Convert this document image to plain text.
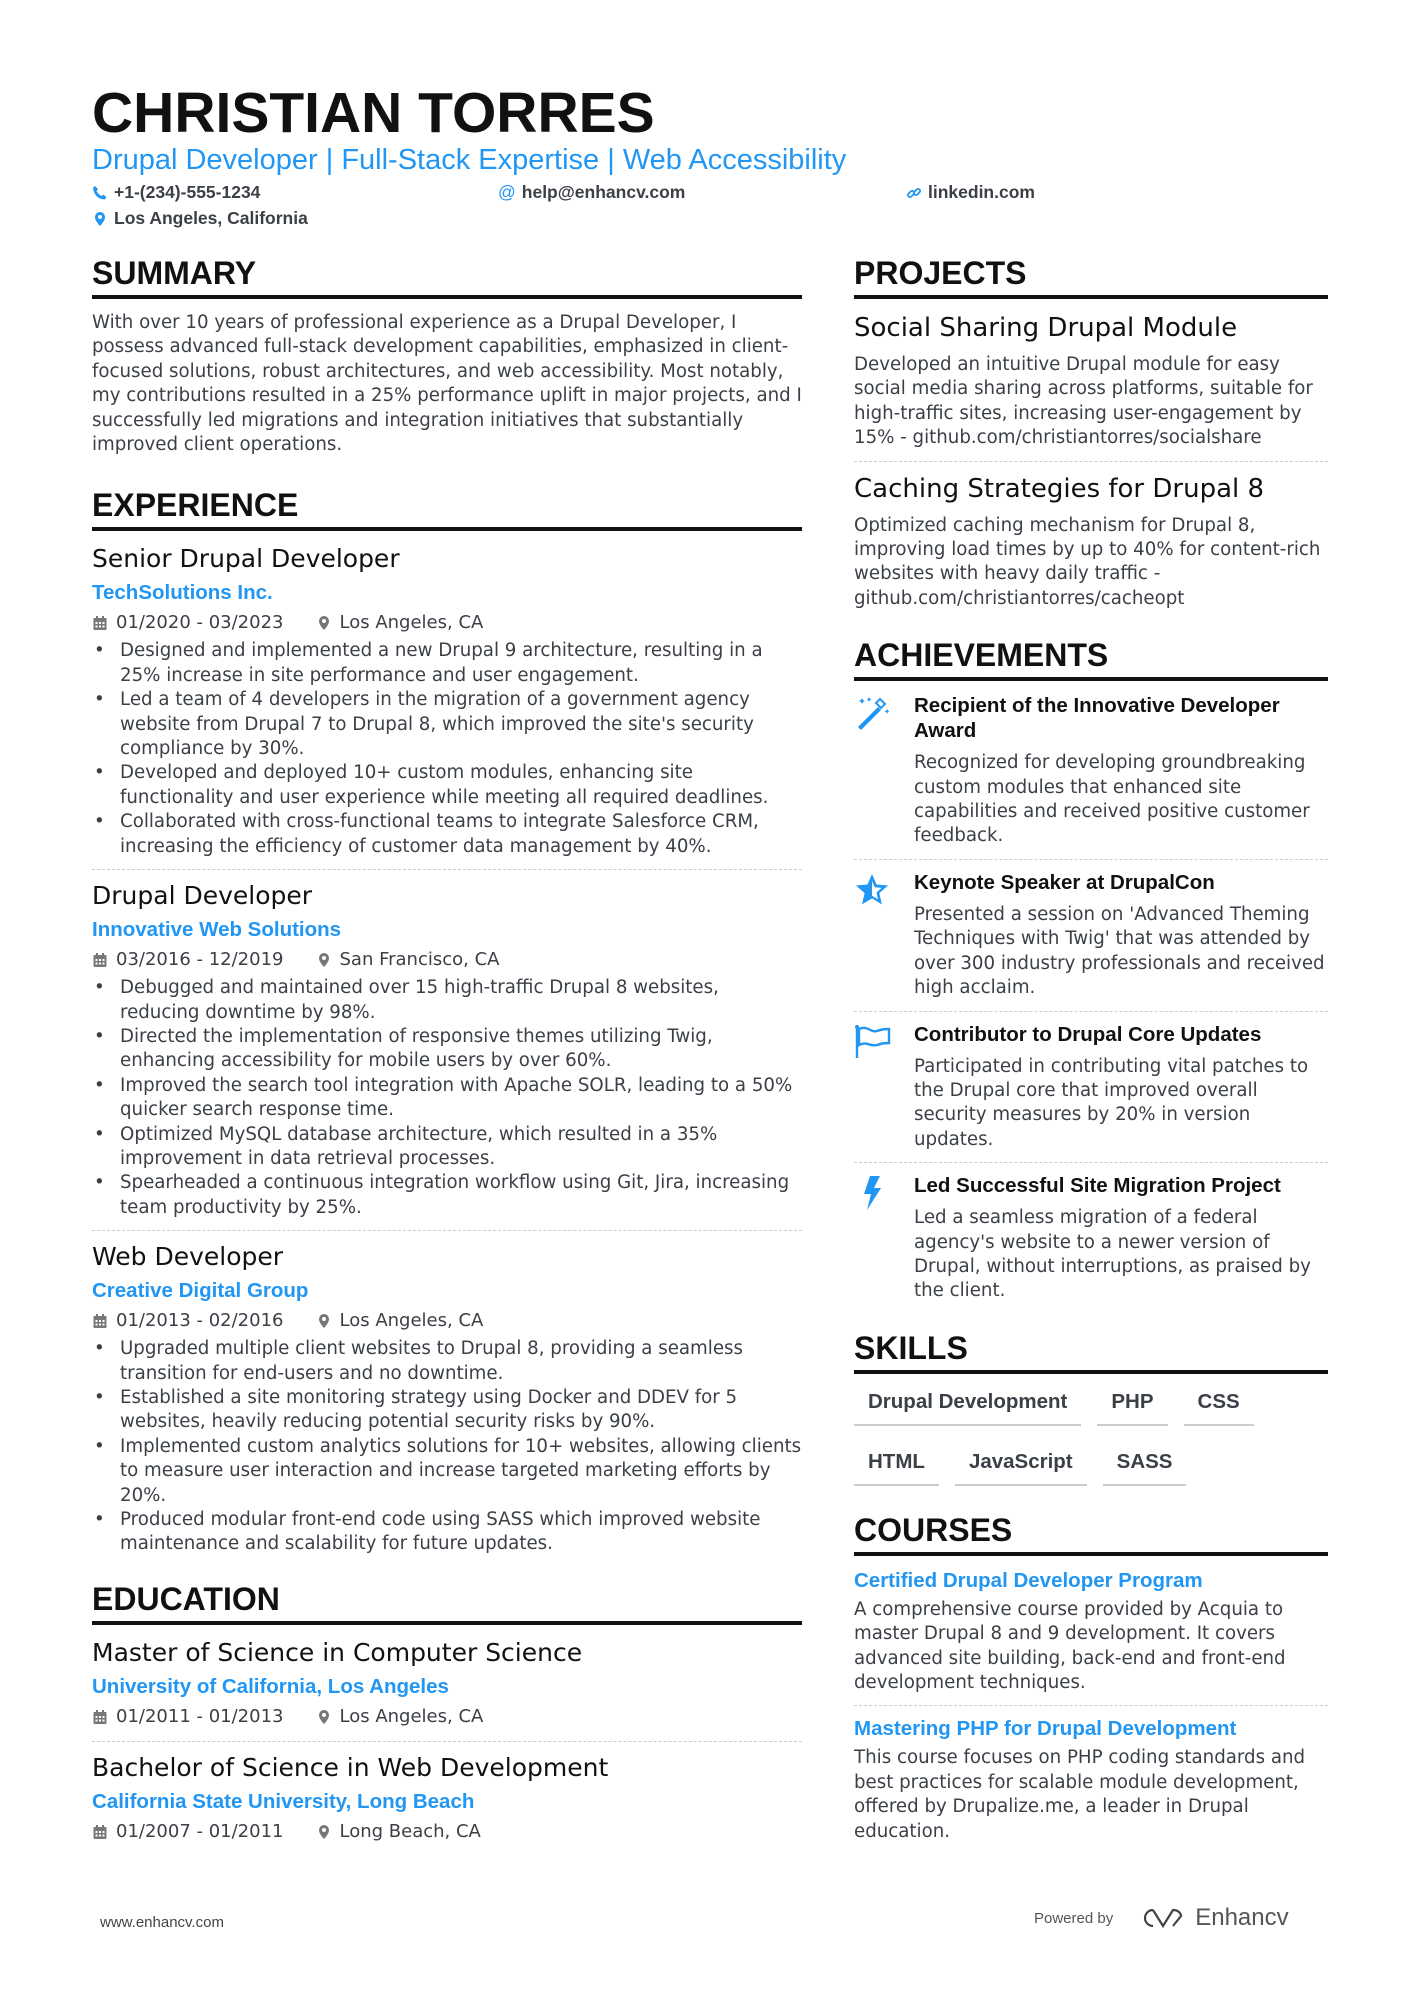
CHRISTIAN TORRES
Drupal Developer | Full-Stack Expertise | Web Accessibility
+1-(234)-555-1234	@ help@enhancv.com	linkedin.com
Los Angeles, California
SUMMARY

With over 10 years of professional experience as a Drupal Developer, I possess advanced full-stack development capabilities, emphasized in client-focused solutions, robust architectures, and web accessibility. Most notably, my contributions resulted in a 25% performance uplift in major projects, and I successfully led migrations and integration initiatives that substantially improved client operations.

EXPERIENCE
Senior Drupal Developer
TechSolutions Inc.
01/2020 - 03/2023	Los Angeles, CA
• Designed and implemented a new Drupal 9 architecture, resulting in a 25% increase in site performance and user engagement.
• Led a team of 4 developers in the migration of a government agency website from Drupal 7 to Drupal 8, which improved the site's security compliance by 30%.
• Developed and deployed 10+ custom modules, enhancing site functionality and user experience while meeting all required deadlines.
• Collaborated with cross-functional teams to integrate Salesforce CRM, increasing the efficiency of customer data management by 40%.
Drupal Developer
Innovative Web Solutions
03/2016 - 12/2019	San Francisco, CA
• Debugged and maintained over 15 high-traffic Drupal 8 websites, reducing downtime by 98%.
• Directed the implementation of responsive themes utilizing Twig, enhancing accessibility for mobile users by over 60%.
• Improved the search tool integration with Apache SOLR, leading to a 50% quicker search response time.
• Optimized MySQL database architecture, which resulted in a 35% improvement in data retrieval processes.
• Spearheaded a continuous integration workflow using Git, Jira, increasing team productivity by 25%.
Web Developer
Creative Digital Group
01/2013 - 02/2016	Los Angeles, CA
• Upgraded multiple client websites to Drupal 8, providing a seamless transition for end-users and no downtime.
• Established a site monitoring strategy using Docker and DDEV for 5 websites, heavily reducing potential security risks by 90%.
• Implemented custom analytics solutions for 10+ websites, allowing clients to measure user interaction and increase targeted marketing efforts by 20%.
• Produced modular front-end code using SASS which improved website maintenance and scalability for future updates.
EDUCATION
Master of Science in Computer Science
University of California, Los Angeles
01/2011 - 01/2013	Los Angeles, CA
Bachelor of Science in Web Development
California State University, Long Beach
01/2007 - 01/2011	Long Beach, CA
PROJECTS
Social Sharing Drupal Module

Developed an intuitive Drupal module for easy social media sharing across platforms, suitable for high-traffic sites, increasing user-engagement by 15% - github.com/christiantorres/socialshare

Caching Strategies for Drupal 8

Optimized caching mechanism for Drupal 8, improving load times by up to 40% for content-rich websites with heavy daily traffic - github.com/christiantorres/cacheopt

ACHIEVEMENTS
Recipient of the Innovative Developer Award

Recognized for developing groundbreaking custom modules that enhanced site capabilities and received positive customer feedback.

Keynote Speaker at DrupalCon

Presented a session on 'Advanced Theming Techniques with Twig' that was attended by over 300 industry professionals and received high acclaim.

Contributor to Drupal Core Updates

Participated in contributing vital patches to the Drupal core that improved overall security measures by 20% in version updates.

Led Successful Site Migration Project

Led a seamless migration of a federal agency's website to a newer version of Drupal, without interruptions, as praised by the client.

SKILLS
Drupal Development	PHP	CSS
HTML	JavaScript	SASS
COURSES
Certified Drupal Developer Program

A comprehensive course provided by Acquia to master Drupal 8 and 9 development. It covers advanced site building, back-end and front-end development techniques.

Mastering PHP for Drupal Development

This course focuses on PHP coding standards and best practices for scalable module development, offered by Drupalize.me, a leader in Drupal education.

www.enhancv.com	Powered by	Enhancv
